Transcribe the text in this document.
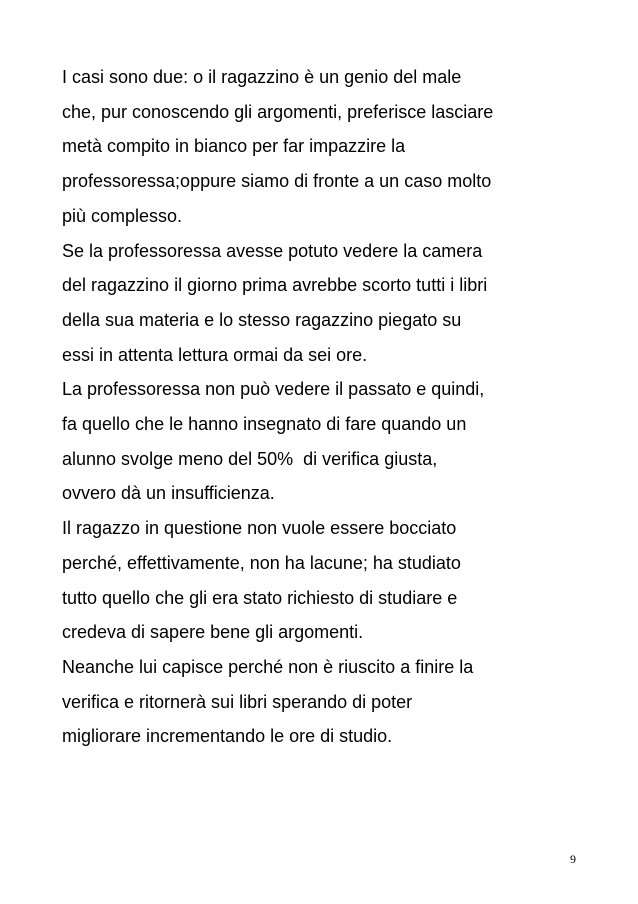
I casi sono due: o il ragazzino è un genio del male
che, pur conoscendo gli argomenti, preferisce lasciare
metà compito in bianco per far impazzire la
professoressa;oppure siamo di fronte a un caso molto
più complesso.
Se la professoressa avesse potuto vedere la camera
del ragazzino il giorno prima avrebbe scorto tutti i libri
della sua materia e lo stesso ragazzino piegato su
essi in attenta lettura ormai da sei ore.
La professoressa non può vedere il passato e quindi,
fa quello che le hanno insegnato di fare quando un
alunno svolge meno del 50%  di verifica giusta,
ovvero dà un insufficienza.
Il ragazzo in questione non vuole essere bocciato
perché, effettivamente, non ha lacune; ha studiato
tutto quello che gli era stato richiesto di studiare e
credeva di sapere bene gli argomenti.
Neanche lui capisce perché non è riuscito a finire la
verifica e ritornerà sui libri sperando di poter
migliorare incrementando le ore di studio.
9
